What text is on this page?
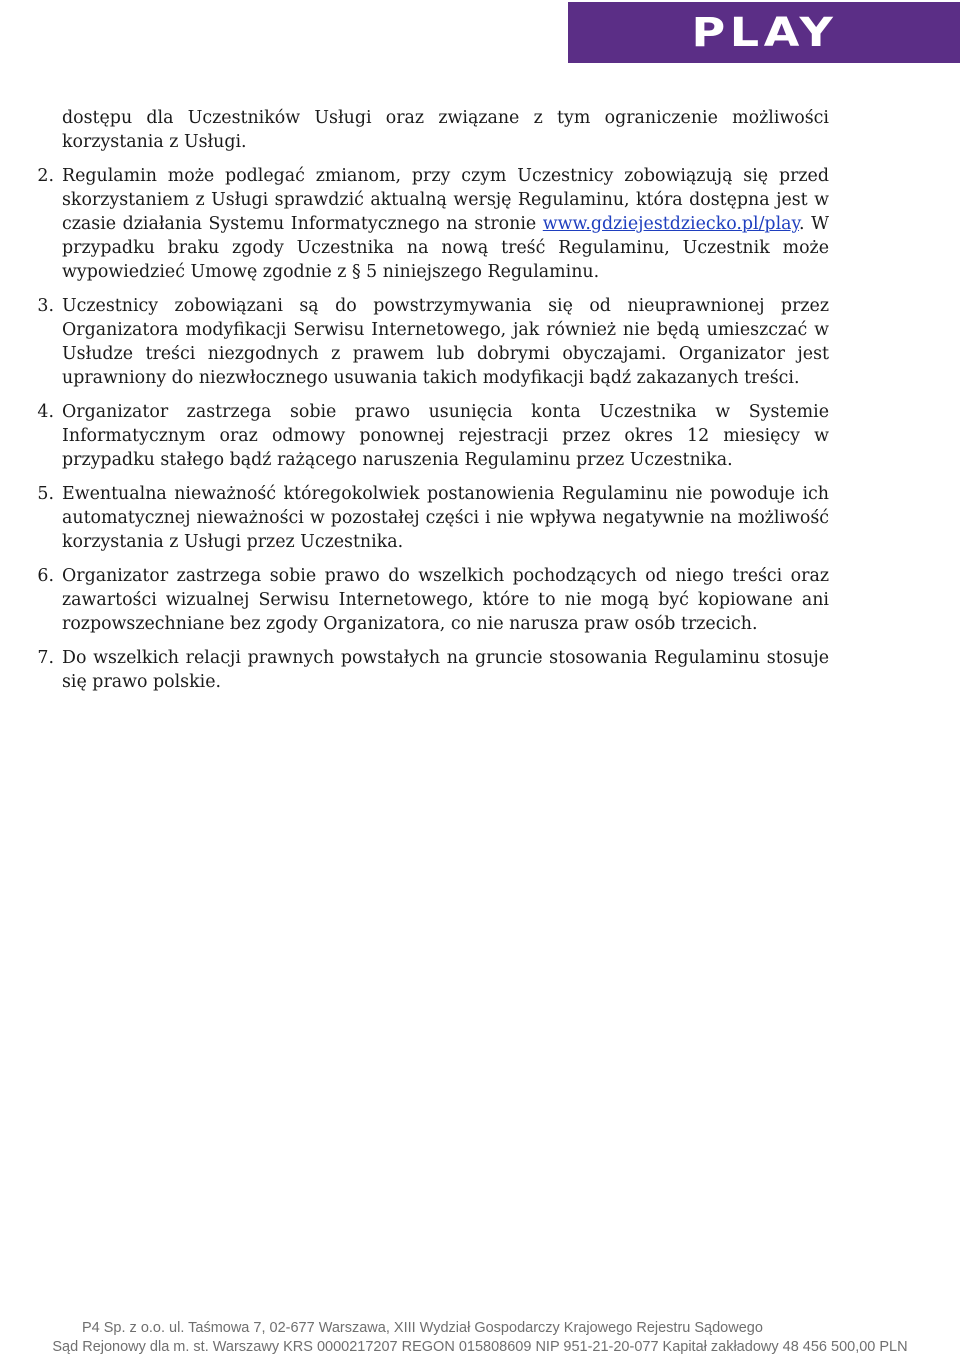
PLAY

dostępu dla Uczestników Usługi oraz związane z tym ograniczenie możliwości korzystania z Usługi.

2. Regulamin może podlegać zmianom, przy czym Uczestnicy zobowiązują się przed skorzystaniem z Usługi sprawdzić aktualną wersję Regulaminu, która dostępna jest w czasie działania Systemu Informatycznego na stronie www.gdziejestdziecko.pl/play. W przypadku braku zgody Uczestnika na nową treść Regulaminu, Uczestnik może wypowiedzieć Umowę zgodnie z § 5 niniejszego Regulaminu.
3. Uczestnicy zobowiązani są do powstrzymywania się od nieuprawnionej przez Organizatora modyfikacji Serwisu Internetowego, jak również nie będą umieszczać w Usłudze treści niezgodnych z prawem lub dobrymi obyczajami. Organizator jest uprawniony do niezwłocznego usuwania takich modyfikacji bądź zakazanych treści.
4. Organizator zastrzega sobie prawo usunięcia konta Uczestnika w Systemie Informatycznym oraz odmowy ponownej rejestracji przez okres 12 miesięcy w przypadku stałego bądź rażącego naruszenia Regulaminu przez Uczestnika.
5. Ewentualna nieważność któregokolwiek postanowienia Regulaminu nie powoduje ich automatycznej nieważności w pozostałej części i nie wpływa negatywnie na możliwość korzystania z Usługi przez Uczestnika.
6. Organizator zastrzega sobie prawo do wszelkich pochodzących od niego treści oraz zawartości wizualnej Serwisu Internetowego, które to nie mogą być kopiowane ani rozpowszechniane bez zgody Organizatora, co nie narusza praw osób trzecich.
7. Do wszelkich relacji prawnych powstałych na gruncie stosowania Regulaminu stosuje się prawo polskie.
P4 Sp. z o.o. ul. Taśmowa 7, 02-677 Warszawa, XIII Wydział Gospodarczy Krajowego Rejestru Sądowego
Sąd Rejonowy dla m. st. Warszawy KRS 0000217207 REGON 015808609 NIP 951-21-20-077 Kapitał zakładowy 48 456 500,00 PLN
